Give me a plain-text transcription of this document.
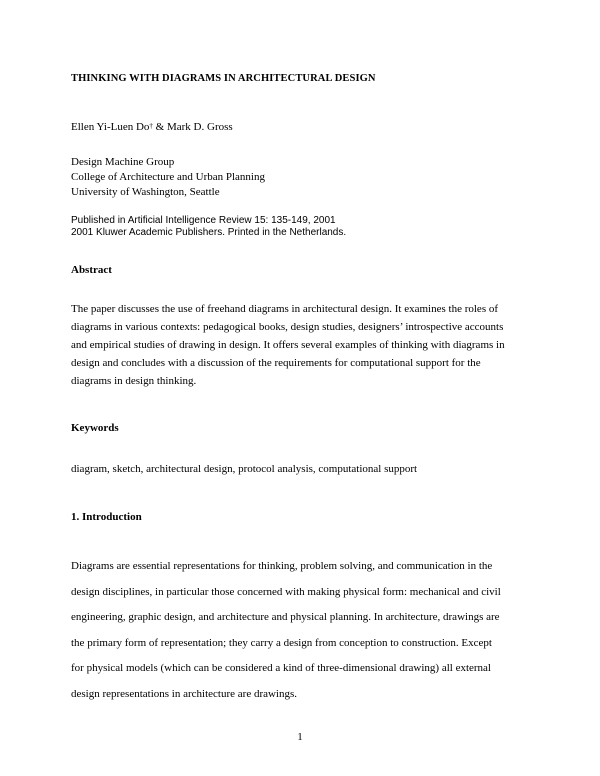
THINKING WITH DIAGRAMS IN ARCHITECTURAL DESIGN
Ellen Yi-Luen Do† & Mark D. Gross
Design Machine Group
College of Architecture and Urban Planning
University of Washington, Seattle
Published in Artificial Intelligence Review 15: 135-149, 2001
2001 Kluwer Academic Publishers. Printed in the Netherlands.
Abstract
The paper discusses the use of freehand diagrams in architectural design. It examines the roles of
diagrams in various contexts: pedagogical books, design studies, designers’ introspective accounts
and empirical studies of drawing in design. It offers several examples of thinking with diagrams in
design and concludes with a discussion of the requirements for computational support for the
diagrams in design thinking.
Keywords
diagram, sketch, architectural design, protocol analysis, computational support
1. Introduction
Diagrams are essential representations for thinking, problem solving, and communication in the
design disciplines, in particular those concerned with making physical form: mechanical and civil
engineering, graphic design, and architecture and physical planning. In architecture, drawings are
the primary form of representation; they carry a design from conception to construction. Except
for physical models (which can be considered a kind of three-dimensional drawing) all external
design representations in architecture are drawings.
1
